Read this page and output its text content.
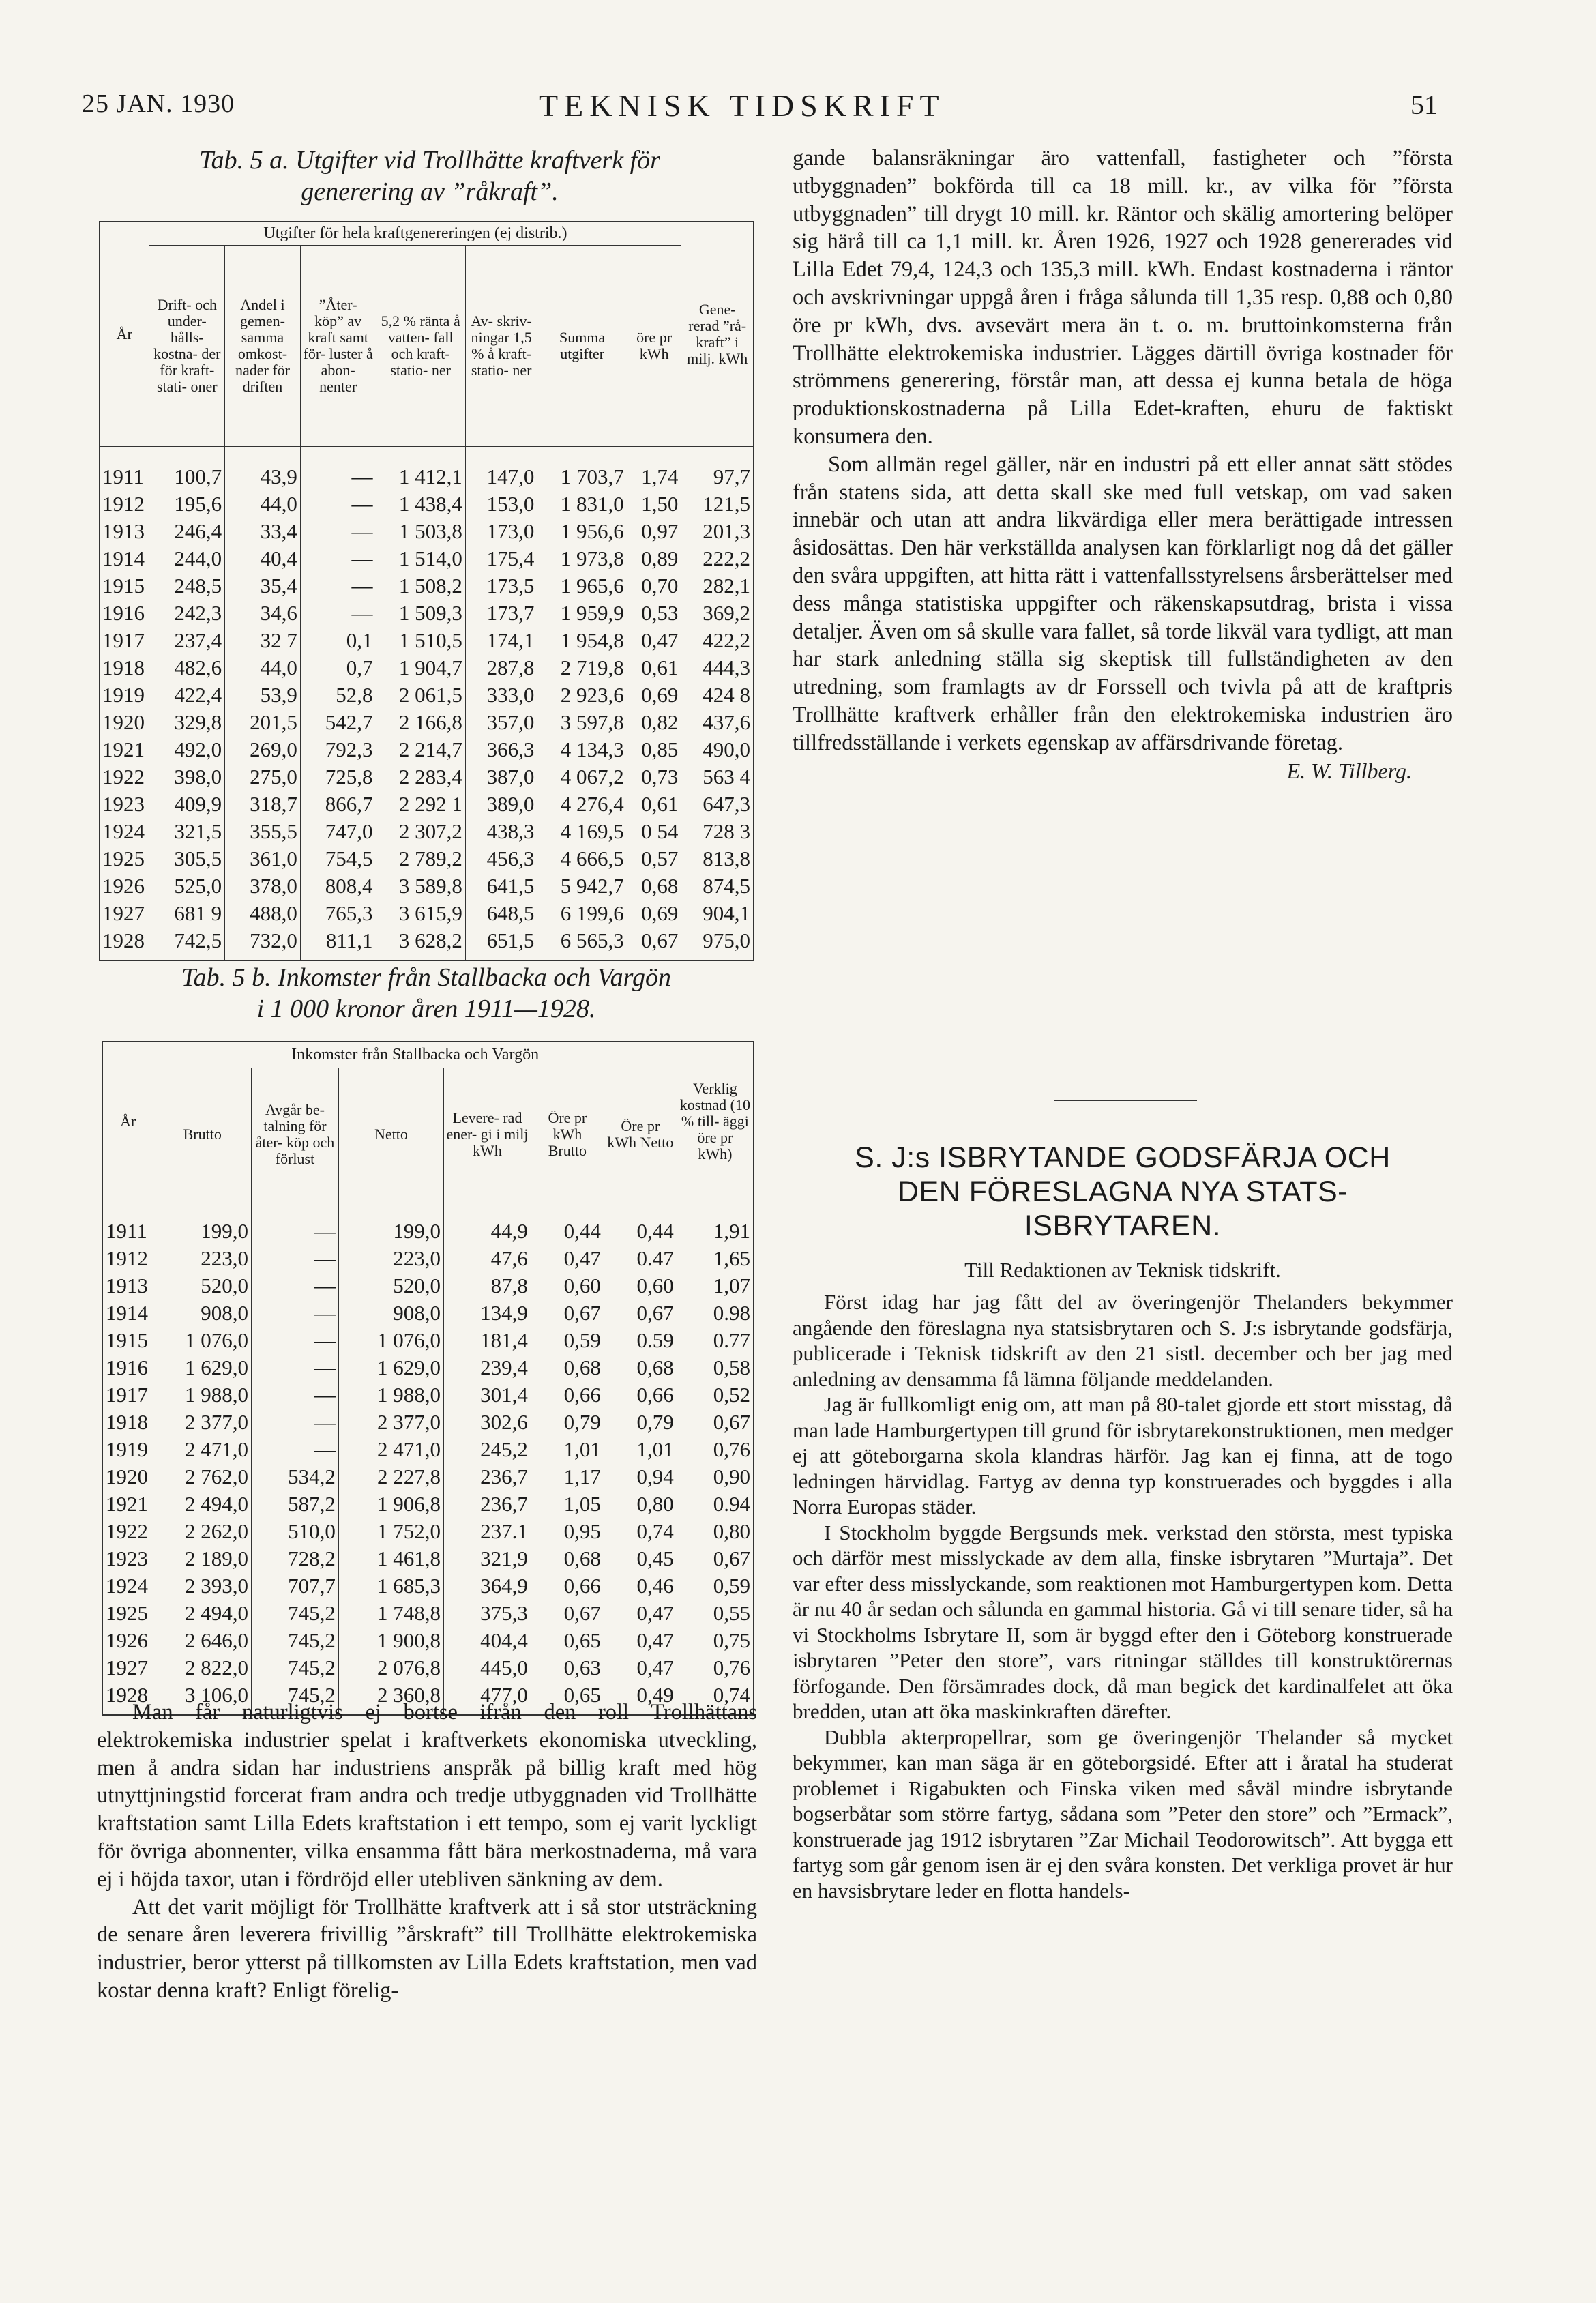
25 JAN. 1930	TEKNISK TIDSKRIFT	51
Tab. 5 a. Utgifter vid Trollhätte kraftverk för
generering av ”råkraft”.
År	Utgifter för hela kraftgenereringen (ej distrib.)							Gene- rerad ”rå- kraft” i milj. kWh
	Drift- och under- hålls- kostna- der för kraft- stati- oner	Andel i gemen- samma omkost- nader för driften	”Åter- köp” av kraft samt för- luster å abon- nenter	5,2 % ränta å vatten- fall och kraft- statio- ner	Av- skriv- ningar 1,5 % å kraft- statio- ner	Summa utgifter	öre pr kWh	
1911	100,7	43,9	—	1 412,1	147,0	1 703,7	1,74	97,7
1912	195,6	44,0	—	1 438,4	153,0	1 831,0	1,50	121,5
1913	246,4	33,4	—	1 503,8	173,0	1 956,6	0,97	201,3
1914	244,0	40,4	—	1 514,0	175,4	1 973,8	0,89	222,2
1915	248,5	35,4	—	1 508,2	173,5	1 965,6	0,70	282,1
1916	242,3	34,6	—	1 509,3	173,7	1 959,9	0,53	369,2
1917	237,4	32 7	0,1	1 510,5	174,1	1 954,8	0,47	422,2
1918	482,6	44,0	0,7	1 904,7	287,8	2 719,8	0,61	444,3
1919	422,4	53,9	52,8	2 061,5	333,0	2 923,6	0,69	424 8
1920	329,8	201,5	542,7	2 166,8	357,0	3 597,8	0,82	437,6
1921	492,0	269,0	792,3	2 214,7	366,3	4 134,3	0,85	490,0
1922	398,0	275,0	725,8	2 283,4	387,0	4 067,2	0,73	563 4
1923	409,9	318,7	866,7	2 292 1	389,0	4 276,4	0,61	647,3
1924	321,5	355,5	747,0	2 307,2	438,3	4 169,5	0 54	728 3
1925	305,5	361,0	754,5	2 789,2	456,3	4 666,5	0,57	813,8
1926	525,0	378,0	808,4	3 589,8	641,5	5 942,7	0,68	874,5
1927	681 9	488,0	765,3	3 615,9	648,5	6 199,6	0,69	904,1
1928	742,5	732,0	811,1	3 628,2	651,5	6 565,3	0,67	975,0
Tab. 5 b. Inkomster från Stallbacka och Vargön
i 1 000 kronor åren 1911—1928.
År	Inkomster från Stallbacka och Vargön						Verklig kostnad (10 % till- äggi öre pr kWh)
	Brutto	Avgår be- talning för åter- köp och förlust	Netto	Levere- rad ener- gi i milj kWh	Öre pr kWh Brutto	Öre pr kWh Netto	
1911	199,0	—	199,0	44,9	0,44	0,44	1,91
1912	223,0	—	223,0	47,6	0,47	0.47	1,65
1913	520,0	—	520,0	87,8	0,60	0,60	1,07
1914	908,0	—	908,0	134,9	0,67	0,67	0.98
1915	1 076,0	—	1 076,0	181,4	0,59	0.59	0.77
1916	1 629,0	—	1 629,0	239,4	0,68	0,68	0,58
1917	1 988,0	—	1 988,0	301,4	0,66	0,66	0,52
1918	2 377,0	—	2 377,0	302,6	0,79	0,79	0,67
1919	2 471,0	—	2 471,0	245,2	1,01	1,01	0,76
1920	2 762,0	534,2	2 227,8	236,7	1,17	0,94	0,90
1921	2 494,0	587,2	1 906,8	236,7	1,05	0,80	0.94
1922	2 262,0	510,0	1 752,0	237.1	0,95	0,74	0,80
1923	2 189,0	728,2	1 461,8	321,9	0,68	0,45	0,67
1924	2 393,0	707,7	1 685,3	364,9	0,66	0,46	0,59
1925	2 494,0	745,2	1 748,8	375,3	0,67	0,47	0,55
1926	2 646,0	745,2	1 900,8	404,4	0,65	0,47	0,75
1927	2 822,0	745,2	2 076,8	445,0	0,63	0,47	0,76
1928	3 106,0	745,2	2 360,8	477,0	0,65	0,49	0,74

Man får naturligtvis ej bortse ifrån den roll Trollhättans elektrokemiska industrier spelat i kraftverkets ekonomiska utveckling, men å andra sidan har industriens anspråk på billig kraft med hög utnyttjningstid forcerat fram andra och tredje utbyggnaden vid Trollhätte kraftstation samt Lilla Edets kraftstation i ett tempo, som ej varit lyckligt för övriga abonnenter, vilka ensamma fått bära merkostnaderna, må vara ej i höjda taxor, utan i fördröjd eller utebliven sänkning av dem.

Att det varit möjligt för Trollhätte kraftverk att i så stor utsträckning de senare åren leverera frivillig ”årskraft” till Trollhätte elektrokemiska industrier, beror ytterst på tillkomsten av Lilla Edets kraftstation, men vad kostar denna kraft? Enligt förelig-

gande balansräkningar äro vattenfall, fastigheter och ”första utbyggnaden” bokförda till ca 18 mill. kr., av vilka för ”första utbyggnaden” till drygt 10 mill. kr. Räntor och skälig amortering belöper sig härå till ca 1,1 mill. kr. Åren 1926, 1927 och 1928 genererades vid Lilla Edet 79,4, 124,3 och 135,3 mill. kWh. Endast kostnaderna i räntor och avskrivningar uppgå åren i fråga sålunda till 1,35 resp. 0,88 och 0,80 öre pr kWh, dvs. avsevärt mera än t. o. m. bruttoinkomsterna från Trollhätte elektrokemiska industrier. Lägges därtill övriga kostnader för strömmens generering, förstår man, att dessa ej kunna betala de höga produktionskostnaderna på Lilla Edet-kraften, ehuru de faktiskt konsumera den.

Som allmän regel gäller, när en industri på ett eller annat sätt stödes från statens sida, att detta skall ske med full vetskap, om vad saken innebär och utan att andra likvärdiga eller mera berättigade intressen åsidosättas. Den här verkställda analysen kan förklarligt nog då det gäller den svåra uppgiften, att hitta rätt i vattenfallsstyrelsens årsberättelser med dess många statistiska uppgifter och räkenskapsutdrag, brista i vissa detaljer. Även om så skulle vara fallet, så torde likväl vara tydligt, att man har stark anledning ställa sig skeptisk till fullständigheten av den utredning, som framlagts av dr Forssell och tvivla på att de kraftpris Trollhätte kraftverk erhåller från den elektrokemiska industrien äro tillfredsställande i verkets egenskap av affärsdrivande företag.

E. W. Tillberg.
S. J:s ISBRYTANDE GODSFÄRJA OCH
DEN FÖRESLAGNA NYA STATS-
ISBRYTAREN.
Till Redaktionen av Teknisk tidskrift.

Först idag har jag fått del av överingenjör Thelanders bekymmer angående den föreslagna nya statsisbrytaren och S. J:s isbrytande godsfärja, publicerade i Teknisk tidskrift av den 21 sistl. december och ber jag med anledning av densamma få lämna följande meddelanden.

Jag är fullkomligt enig om, att man på 80-talet gjorde ett stort misstag, då man lade Hamburgertypen till grund för isbrytarekonstruktionen, men medger ej att göteborgarna skola klandras härför. Jag kan ej finna, att de togo ledningen härvidlag. Fartyg av denna typ konstruerades och byggdes i alla Norra Europas städer.

I Stockholm byggde Bergsunds mek. verkstad den största, mest typiska och därför mest misslyckade av dem alla, finske isbrytaren ”Murtaja”. Det var efter dess misslyckande, som reaktionen mot Hamburgertypen kom. Detta är nu 40 år sedan och sålunda en gammal historia. Gå vi till senare tider, så ha vi Stockholms Isbrytare II, som är byggd efter den i Göteborg konstruerade isbrytaren ”Peter den store”, vars ritningar ställdes till konstruktörernas förfogande. Den försämrades dock, då man begick det kardinalfelet att öka bredden, utan att öka maskinkraften därefter.

Dubbla akterpropellrar, som ge överingenjör Thelander så mycket bekymmer, kan man säga är en göteborgsidé. Efter att i åratal ha studerat problemet i Rigabukten och Finska viken med såväl mindre isbrytande bogserbåtar som större fartyg, sådana som ”Peter den store” och ”Ermack”, konstruerade jag 1912 isbrytaren ”Zar Michail Teodorowitsch”. Att bygga ett fartyg som går genom isen är ej den svåra konsten. Det verkliga provet är hur en havsisbrytare leder en flotta handels-
